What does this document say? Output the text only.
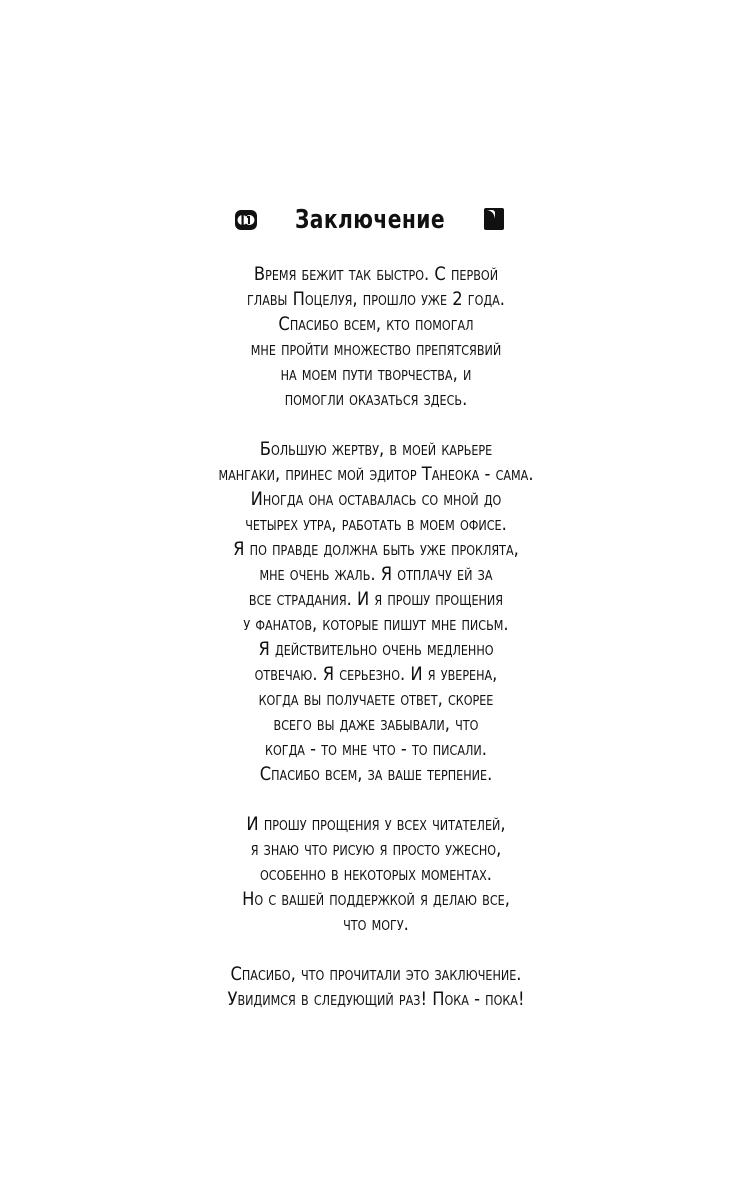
Заключение
Время бежит так быстро. С первой
главы Поцелуя, прошло уже 2 года.
Спасибо всем, кто помогал
мне пройти множество препятсявий
на моем пути творчества, и
помогли оказаться здесь.
Большую жертву, в моей карьере
мангаки, принес мой эдитор Танеока - сама.
Иногда она оставалась со мной до
четырех утра, работать в моем офисе.
Я по правде должна быть уже проклята,
мне очень жаль. Я отплачу ей за
все страдания. И я прошу прощения
у фанатов, которые пишут мне письм.
Я действительно очень медленно
отвечаю. Я серьезно. И я уверена,
когда вы получаете ответ, скорее
всего вы даже забывали, что
когда - то мне что - то писали.
Спасибо всем, за ваше терпение.
И прошу прощения у всех читателей,
я знаю что рисую я просто ужесно,
особенно в некоторых моментах.
Но с вашей поддержкой я делаю все,
что могу.
Спасибо, что прочитали это заключение.
Увидимся в следующий раз! Пока - пока!
